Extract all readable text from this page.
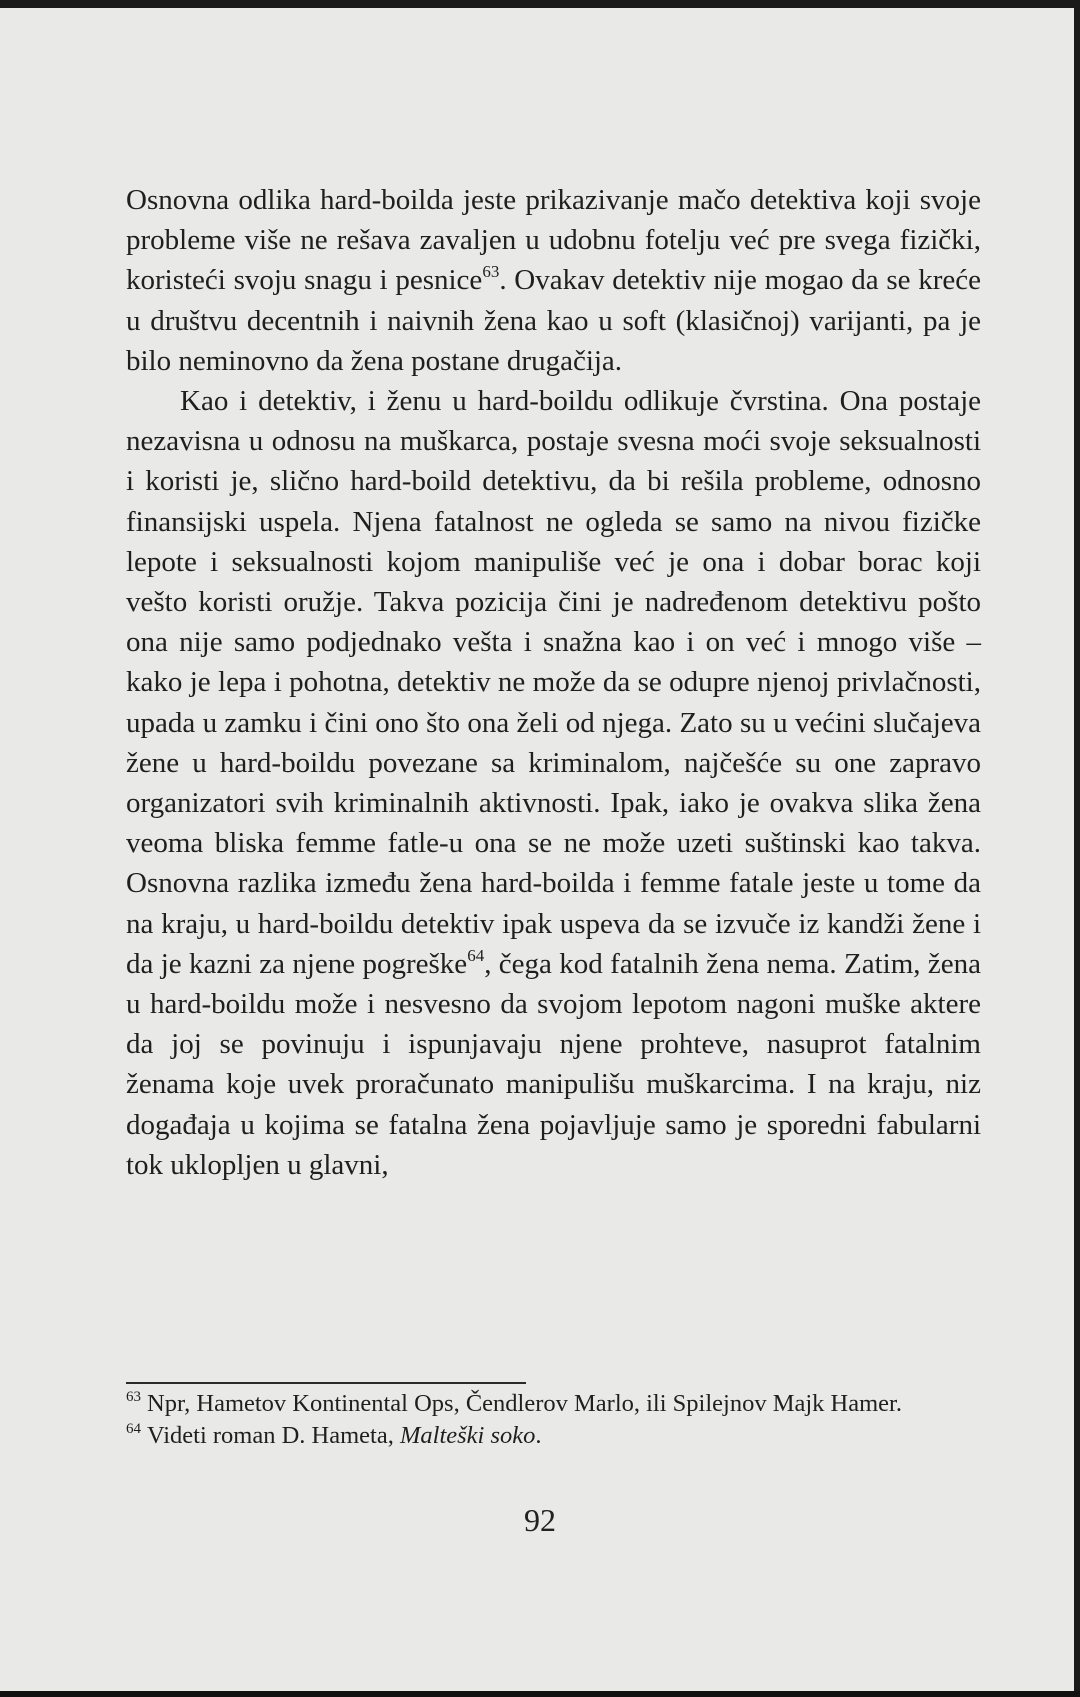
Osnovna odlika hard-boilda jeste prikazivanje mačo detektiva koji svoje probleme više ne rešava zavaljen u udobnu fotelju već pre svega fizički, koristeći svoju snagu i pesnice$^{63}$. Ovakav detektiv nije mogao da se kreće u društvu decentnih i naivnih žena kao u soft (klasičnoj) varijanti, pa je bilo neminovno da žena postane drugačija.

Kao i detektiv, i ženu u hard-boildu odlikuje čvrstina. Ona postaje nezavisna u odnosu na muškarca, postaje svesna moći svoje seksualnosti i koristi je, slično hard-boild detektivu, da bi rešila probleme, odnosno finansijski uspela. Njena fatalnost ne ogleda se samo na nivou fizičke lepote i seksualnosti kojom manipuliše već je ona i dobar borac koji vešto koristi oružje. Takva pozicija čini je nadređenom detektivu pošto ona nije samo podjednako vešta i snažna kao i on već i mnogo više – kako je lepa i pohotna, detektiv ne može da se odupre njenoj privlačnosti, upada u zamku i čini ono što ona želi od njega. Zato su u većini slučajeva žene u hard-boildu povezane sa kriminalom, najčešće su one zapravo organizatori svih kriminalnih aktivnosti. Ipak, iako je ovakva slika žena veoma bliska femme fatle-u ona se ne može uzeti suštinski kao takva. Osnovna razlika između žena hard-boilda i femme fatale jeste u tome da na kraju, u hard-boildu detektiv ipak uspeva da se izvuče iz kandži žene i da je kazni za njene pogreške$^{64}$, čega kod fatalnih žena nema. Zatim, žena u hard-boildu može i nesvesno da svojom lepotom nagoni muške aktere da joj se povinuju i ispunjavaju njene prohteve, nasuprot fatalnim ženama koje uvek proračunato manipulišu muškarcima. I na kraju, niz događaja u kojima se fatalna žena pojavljuje samo je sporedni fabularni tok uklopljen u glavni,

$^{63}$ Npr, Hametov Kontinental Ops, Čendlerov Marlo, ili Spilejnov Majk Hamer.

$^{64}$ Videti roman D. Hameta, Malteški soko.

92
